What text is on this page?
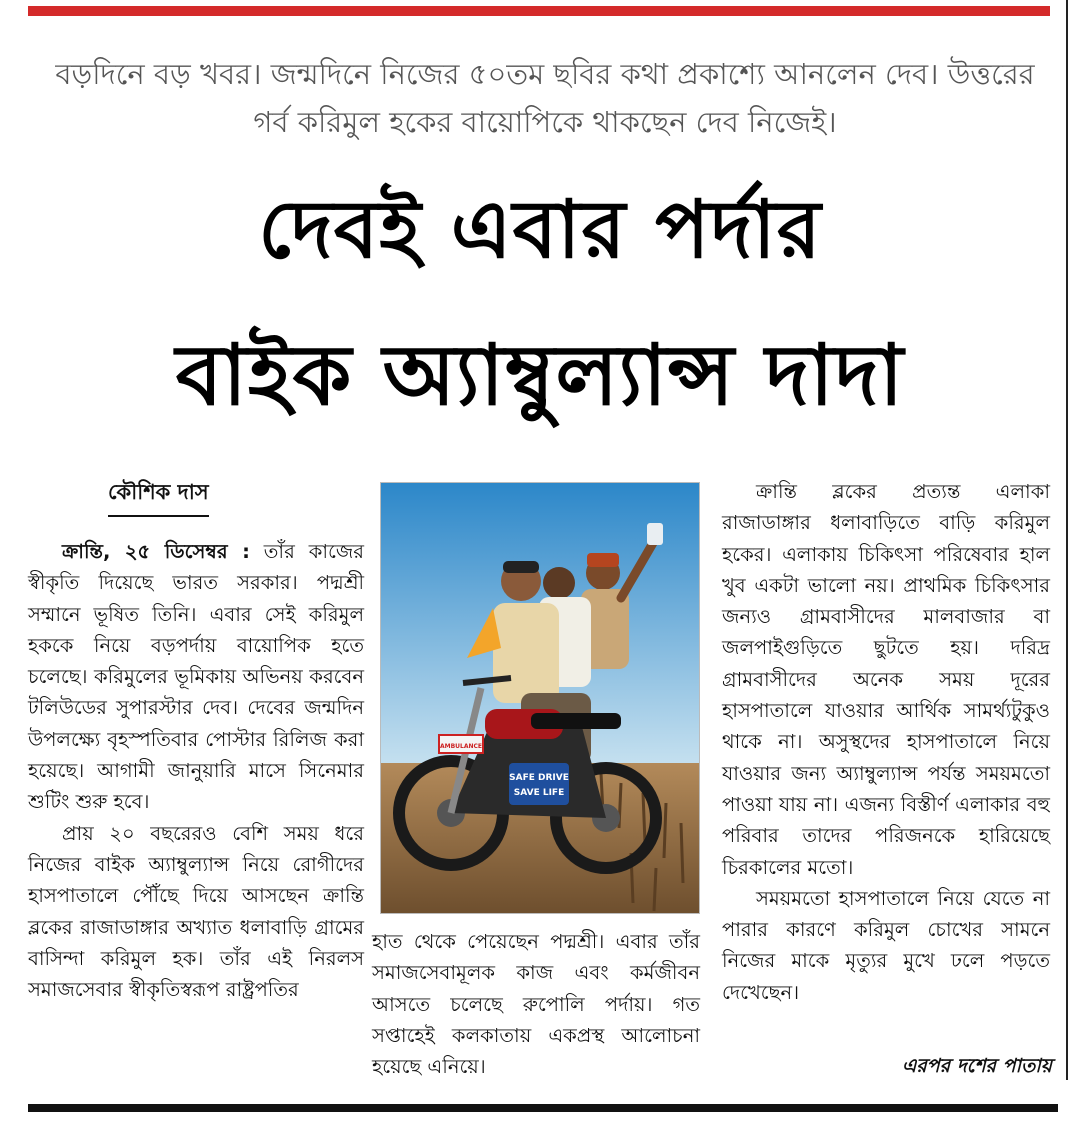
বড়দিনে বড় খবর। জন্মদিনে নিজের ৫০তম ছবির কথা প্রকাশ্যে আনলেন দেব। উত্তরের গর্ব করিমুল হকের বায়োপিকে থাকছেন দেব নিজেই।
দেবই এবার পর্দার
বাইক অ্যাম্বুল্যান্স দাদা
কৌশিক দাস

ক্রান্তি, ২৫ ডিসেম্বর : তাঁর কাজের স্বীকৃতি দিয়েছে ভারত সরকার। পদ্মশ্রী সম্মানে ভূষিত তিনি। এবার সেই করিমুল হককে নিয়ে বড়পর্দায় বায়োপিক হতে চলেছে। করিমুলের ভূমিকায় অভিনয় করবেন টলিউডের সুপারস্টার দেব। দেবের জন্মদিন উপলক্ষ্যে বৃহস্পতিবার পোস্টার রিলিজ করা হয়েছে। আগামী জানুয়ারি মাসে সিনেমার শুটিং শুরু হবে।

প্রায় ২০ বছরেরও বেশি সময় ধরে নিজের বাইক অ্যাম্বুল্যান্স নিয়ে রোগীদের হাসপাতালে পৌঁছে দিয়ে আসছেন ক্রান্তি ব্লকের রাজাডাঙ্গার অখ্যাত ধলাবাড়ি গ্রামের বাসিন্দা করিমুল হক। তাঁর এই নিরলস সমাজসেবার স্বীকৃতিস্বরূপ রাষ্ট্রপতির

SAFE DRIVE
SAVE LIFE
AMBULANCE

হাত থেকে পেয়েছেন পদ্মশ্রী। এবার তাঁর সমাজসেবামূলক কাজ এবং কর্মজীবন আসতে চলেছে রুপোলি পর্দায়। গত সপ্তাহেই কলকাতায় একপ্রস্থ আলোচনা হয়েছে এনিয়ে।

ক্রান্তি ব্লকের প্রত্যন্ত এলাকা রাজাডাঙ্গার ধলাবাড়িতে বাড়ি করিমুল হকের। এলাকায় চিকিৎসা পরিষেবার হাল খুব একটা ভালো নয়। প্রাথমিক চিকিৎসার জন্যও গ্রামবাসীদের মালবাজার বা জলপাইগুড়িতে ছুটতে হয়। দরিদ্র গ্রামবাসীদের অনেক সময় দূরের হাসপাতালে যাওয়ার আর্থিক সামর্থ্যটুকুও থাকে না। অসুস্থদের হাসপাতালে নিয়ে যাওয়ার জন্য অ্যাম্বুল্যান্স পর্যন্ত সময়মতো পাওয়া যায় না। এজন্য বিস্তীর্ণ এলাকার বহু পরিবার তাদের পরিজনকে হারিয়েছে চিরকালের মতো।

সময়মতো হাসপাতালে নিয়ে যেতে না পারার কারণে করিমুল চোখের সামনে নিজের মাকে মৃত্যুর মুখে ঢলে পড়তে দেখেছেন।

এরপর দশের পাতায়
